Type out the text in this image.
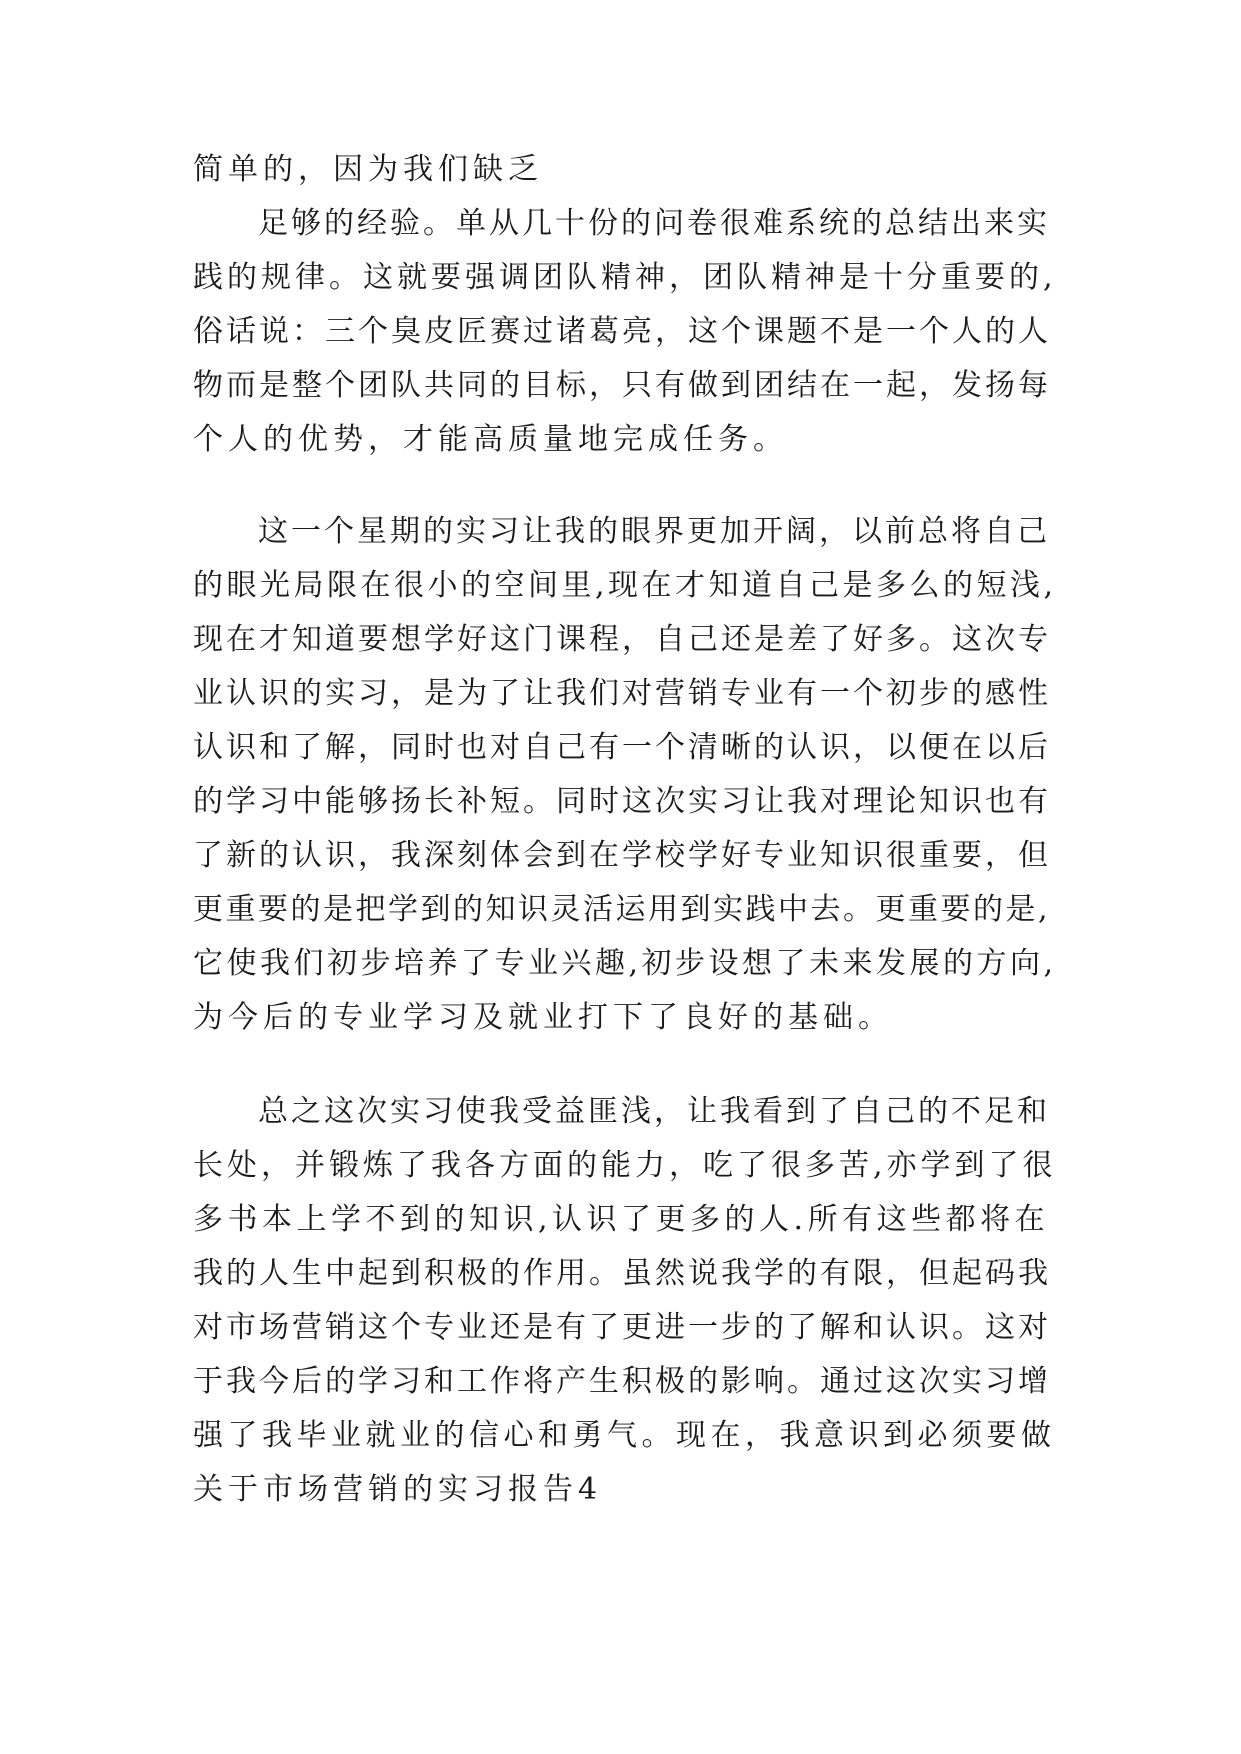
简单的，因为我们缺乏
足够的经验。单从几十份的问卷很难系统的总结出来实
践的规律。这就要强调团队精神，团队精神是十分重要的,
俗话说：三个臭皮匠赛过诸葛亮，这个课题不是一个人的人
物而是整个团队共同的目标，只有做到团结在一起，发扬每
个人的优势，才能高质量地完成任务。
这一个星期的实习让我的眼界更加开阔，以前总将自己
的眼光局限在很小的空间里,现在才知道自己是多么的短浅,
现在才知道要想学好这门课程，自己还是差了好多。这次专
业认识的实习，是为了让我们对营销专业有一个初步的感性
认识和了解，同时也对自己有一个清晰的认识，以便在以后
的学习中能够扬长补短。同时这次实习让我对理论知识也有
了新的认识，我深刻体会到在学校学好专业知识很重要，但
更重要的是把学到的知识灵活运用到实践中去。更重要的是,
它使我们初步培养了专业兴趣,初步设想了未来发展的方向,
为今后的专业学习及就业打下了良好的基础。
总之这次实习使我受益匪浅，让我看到了自己的不足和
长处，并锻炼了我各方面的能力，吃了很多苦,亦学到了很
多书本上学不到的知识,认识了更多的人.所有这些都将在
我的人生中起到积极的作用。虽然说我学的有限，但起码我
对市场营销这个专业还是有了更进一步的了解和认识。这对
于我今后的学习和工作将产生积极的影响。通过这次实习增
强了我毕业就业的信心和勇气。现在，我意识到必须要做
关于市场营销的实习报告4
